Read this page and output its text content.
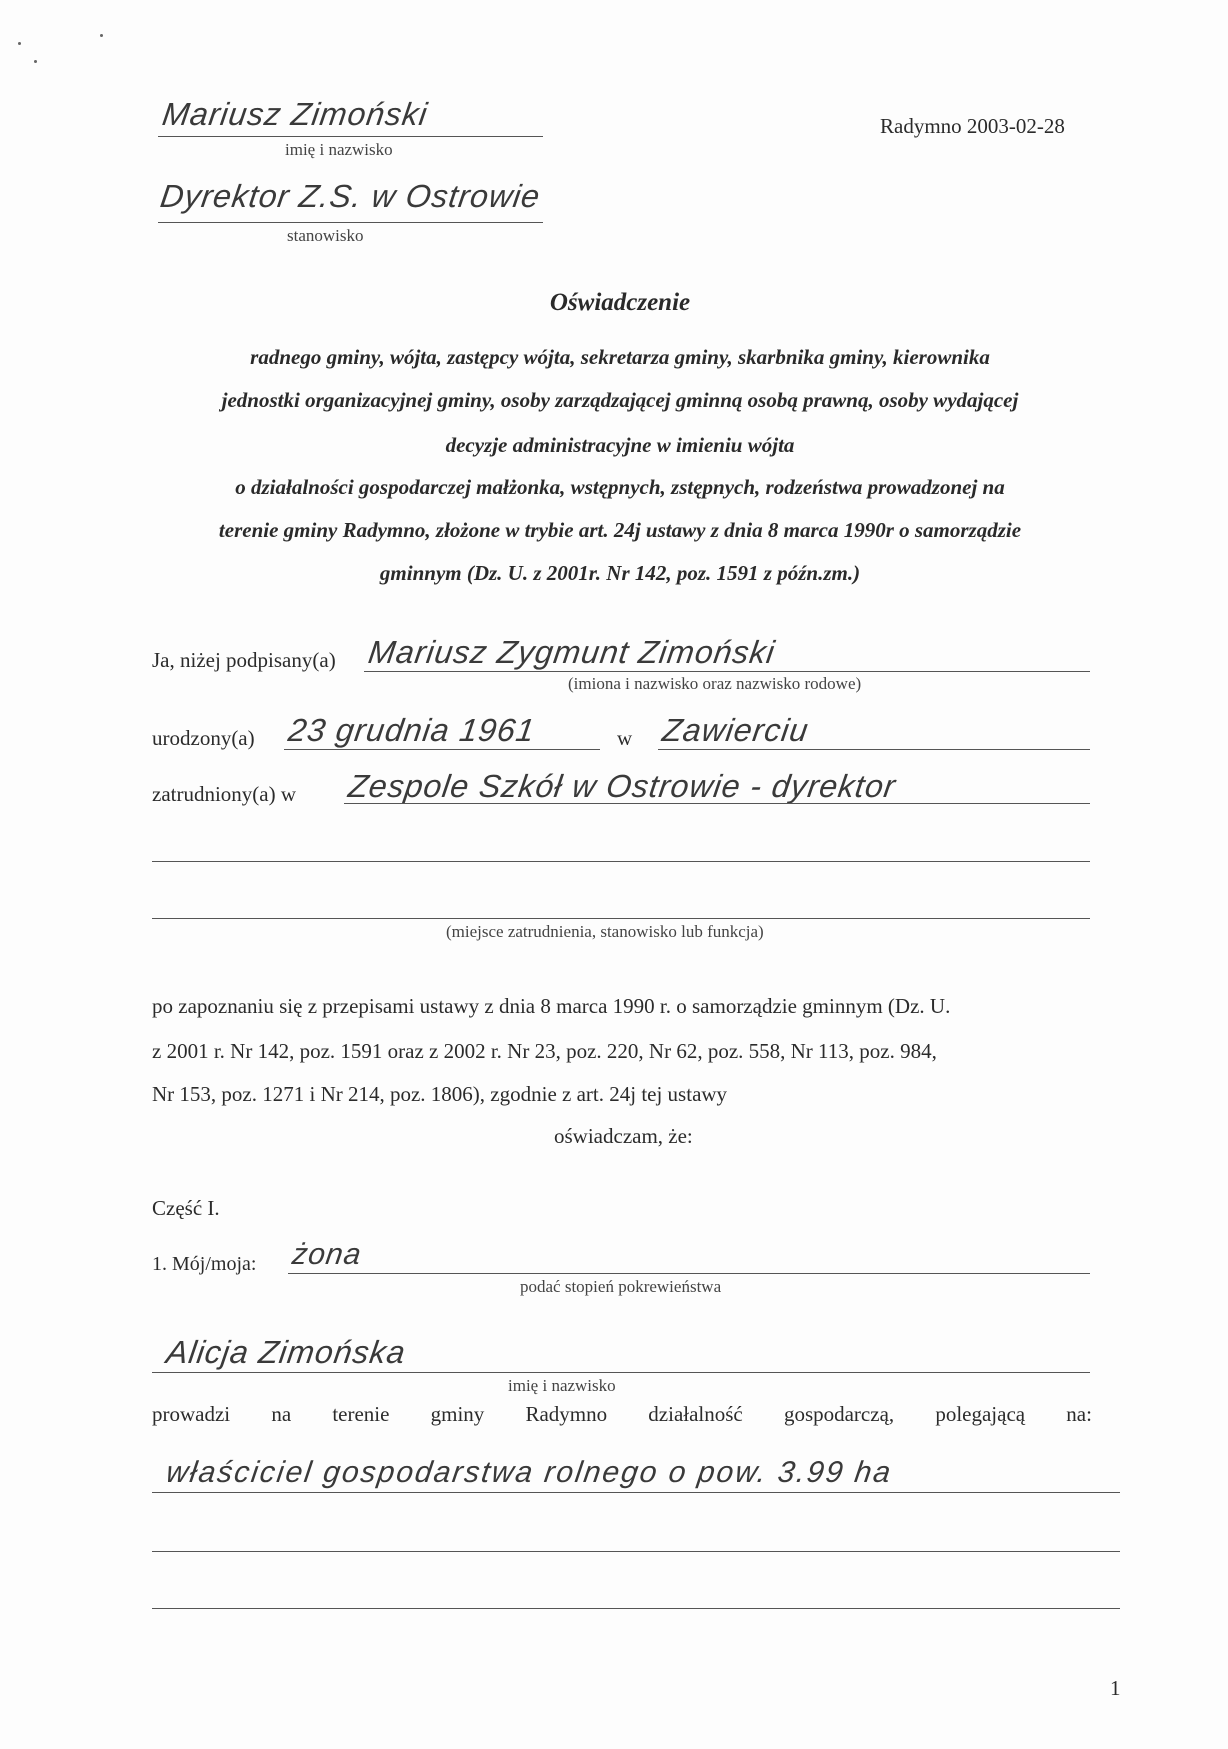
Mariusz Zimoński
imię i nazwisko
Dyrektor Z.S. w Ostrowie
stanowisko
Radymno 2003-02-28
Oświadczenie
radnego gminy, wójta, zastępcy wójta, sekretarza gminy, skarbnika gminy, kierownika
jednostki organizacyjnej gminy, osoby zarządzającej gminną osobą prawną, osoby wydającej
decyzje administracyjne w imieniu wójta
o działalności gospodarczej małżonka, wstępnych, zstępnych, rodzeństwa prowadzonej na
terenie gminy Radymno, złożone w trybie art. 24j ustawy z dnia 8 marca 1990r o samorządzie
gminnym (Dz. U. z 2001r. Nr 142, poz. 1591 z późn.zm.)
Ja, niżej podpisany(a) Mariusz Zygmunt Zimoński
(imiona i nazwisko oraz nazwisko rodowe)
urodzony(a) 23 grudnia 1961	w Zawierciu
zatrudniony(a) w Zespole Szkół w Ostrowie - dyrektor
(miejsce zatrudnienia, stanowisko lub funkcja)
po zapoznaniu się z przepisami ustawy z dnia 8 marca 1990 r. o samorządzie gminnym (Dz. U.
z 2001 r. Nr 142, poz. 1591 oraz z 2002 r. Nr 23, poz. 220, Nr 62, poz. 558, Nr 113, poz. 984,
Nr 153, poz. 1271 i Nr 214, poz. 1806), zgodnie z art. 24j tej ustawy
oświadczam, że:
Część I.
1. Mój/moja: żona
podać stopień pokrewieństwa
Alicja Zimońska
imię i nazwisko
prowadzi na terenie gminy Radymno działalność gospodarczą, polegającą na:
właściciel gospodarstwa rolnego o pow. 3.99 ha
1
